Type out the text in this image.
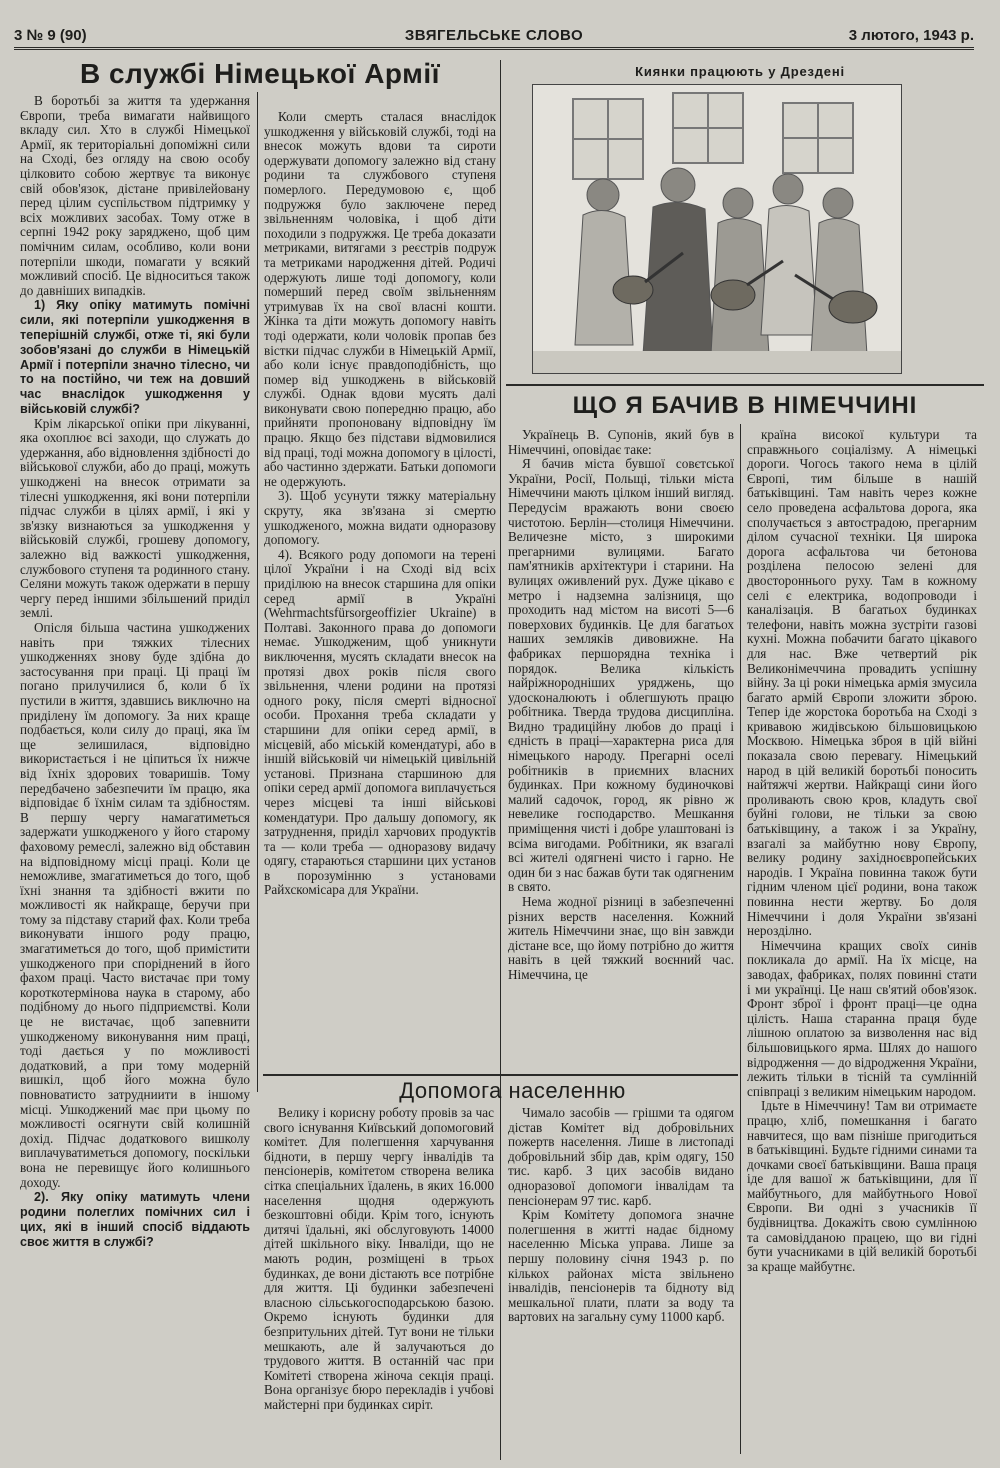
3 № 9 (90)	ЗВЯГЕЛЬСЬКЕ СЛОВО	3 лютого, 1943 р.
В службі Німецької Армії

В боротьбі за життя та удержання Європи, треба вимагати найвищого вкладу сил. Хто в службі Німецької Армії, як територіальні допоміжні сили на Сході, без огляду на свою особу цілковито собою жертвує та виконує свій обов'язок, дістане привілейовану перед цілим суспільством підтримку у всіх можливих засобах. Тому отже в серпні 1942 року заряджено, щоб цим помічним силам, особливо, коли вони потерпіли шкоди, помагати у всякий можливий спосіб. Це відноситься також до давніших випадків.

1) Яку опіку матимуть помічні сили, які потерпіли ушкодження в теперішній службі, отже ті, які були зобов'язані до служби в Німецькій Армії і потерпіли значно тілесно, чи то на постійно, чи теж на довший час внаслідок ушкодження у військовій службі?

Крім лікарської опіки при лікуванні, яка охоплює всі заходи, що служать до удержання, або відновлення здібності до військової служби, або до праці, можуть ушкоджені на внесок отримати за тілесні ушкодження, які вони потерпіли підчас служби в цілях армії, і які у зв'язку визнаються за ушкодження у військовій службі, грошеву допомогу, залежно від важкості ушкодження, службового ступеня та родинного стану. Селяни можуть також одержати в першу чергу перед іншими збільшений приділ землі.

Опісля більша частина ушкоджених навіть при тяжких тілесних ушкодженнях знову буде здібна до застосування при праці. Ці праці їм погано прилучилися б, коли б їх пустили в життя, здавшись виключно на приділену їм допомогу. За них краще подбається, коли силу до праці, яка їм ще зелишилася, відповідно використається і не ціпиться їх нижче від їхніх здорових товаришів. Тому передбачено забезпечити їм працю, яка відповідає б їхнім силам та здібностям. В першу чергу намагатиметься задержати ушкодженого у його старому фаховому ремеслі, залежно від обставин на відповідному місці праці. Коли це неможливе, змагатиметься до того, щоб їхні знання та здібності вжити по можливості як найкраще, беручи при тому за підставу старий фах. Коли треба виконувати іншого роду працю, змагатиметься до того, щоб примістити ушкодженого при споріднений в його фахом праці. Часто вистачає при тому короткотермінова наука в старому, або подібному до нього підприємстві. Коли це не вистачає, щоб запевнити ушкодженому виконування ним праці, тоді дається у по можливості додатковий, а при тому модерній вишкіл, щоб його можна було повноватисто затрудниити в іншому місці. Ушкоджений має при цьому по можливості осягнути свій колишній дохід. Підчас додаткового вишколу виплачуватиметься допомогу, поскільки вона не перевищує його колишнього доходу.

2). Яку опіку матимуть члени родини полеглих помічних сил і цих, які в інший спосіб віддають своє життя в службі?

Коли смерть сталася внаслідок ушкодження у військовій службі, тоді на внесок можуть вдови та сироти одержувати допомогу залежно від стану родини та службового ступеня померлого. Передумовою є, щоб подружжя було заключене перед звільненням чоловіка, і щоб діти походили з подружжя. Це треба доказати метриками, витягами з реєстрів подруж та метриками народження дітей. Родичі одержують лише тоді допомогу, коли померший перед своїм звільненням утримував їх на свої власні кошти. Жінка та діти можуть допомогу навіть тоді одержати, коли чоловік пропав без вістки підчас служби в Німецькій Армії, або коли існує правдоподібність, що помер від ушкоджень в військовій службі. Однак вдови мусять далі виконувати свою попередню працю, або прийняти пропоновану відповідну їм працю. Якщо без підстави відмовилися від праці, тоді можна допомогу в цілості, або частинно здержати. Батьки допомоги не одержують.

3). Щоб усунути тяжку матеріальну скруту, яка зв'язана зі смертю ушкодженого, можна видати одноразову допомогу.

4). Всякого роду допомоги на терені цілої України і на Сході від всіх приділюю на внесок старшина для опіки серед армії в Україні (Wehrmachtsfürsorgeoffizier Ukraine) в Полтаві. Законного права до допомоги немає. Ушкодженим, щоб уникнути виключення, мусять складати внесок на протязі двох років після свого звільнення, члени родини на протязі одного року, після смерті відносної особи. Прохання треба складати у старшини для опіки серед армії, в місцевій, або міській комендатурі, або в іншій військовій чи німецькій цивільній установі. Признана старшиною для опіки серед армії допомога виплачується через місцеві та інші військові комендатури. Про дальшу допомогу, як затруднення, приділ харчових продуктів та — коли треба — одноразову видачу одягу, стараються старшини цих установ в порозумінню з установами Райхскомісара для України.

Киянки працюють у Дрездені
ЩО Я БАЧИВ В НІМЕЧЧИНІ

Українець В. Супонів, який був в Німеччині, оповідає таке:

Я бачив міста бувшої совєтської України, Росії, Польщі, тільки міста Німеччини мають цілком інший вигляд. Передусім вражають вони своєю чистотою. Берлін—столиця Німеччини. Величезне місто, з широкими прегарними вулицями. Багато пам'ятників архітектури і старини. На вулицях оживлений рух. Дуже цікаво є метро і надземна залізниця, що проходить над містом на висоті 5—6 поверхових будинків. Це для багатьох наших земляків дивовижне. На фабриках першорядна техніка і порядок. Велика кількість найріжнородніших уряджень, що удосконалюють і облегшують працю робітника. Тверда трудова дисципліна. Видно традиційну любов до праці і єдність в праці—характерна риса для німецького народу. Прегарні оселі робітників в приємних власних будинках. При кожному будиночкові малий садочок, город, як рівно ж невелике господарство. Мешкання приміщення чисті і добре улаштовані із всіма вигодами. Робітники, як взагалі всі жителі одягнені чисто і гарно. Не один би з нас бажав бути так одягненим в свято.

Нема жодної різниці в забезпеченні різних верств населення. Кожний житель Німеччини знає, що він завжди дістане все, що йому потрібно до життя навіть в цей тяжкий воєнний час. Німеччина, це

країна високої культури та справжнього соціалізму. А німецькі дороги. Чогось такого нема в цілій Європі, тим більше в нашій батьківщині. Там навіть через кожне село проведена асфальтова дорога, яка сполучається з автострадою, прегарним ділом сучасної техніки. Ця широка дорога асфальтова чи бетонова розділена пелосою зелені для двостороннього руху. Там в кожному селі є електрика, водопроводи і каналізація. В багатьох будинках телефони, навіть можна зустріти газові кухні. Можна побачити багато цікавого для нас. Вже четвертий рік Великонімеччина провадить успішну війну. За ці роки німецька армія змусила багато армій Європи зложити зброю. Тепер іде жорстока боротьба на Сході з кривавою жидівською більшовицькою Москвою. Німецька зброя в цій війні показала свою перевагу. Німецький народ в цій великій боротьбі поносить найтяжчі жертви. Найкращі сини його проливають свою кров, кладуть свої буйні голови, не тільки за свою батьківщину, а також і за Україну, взагалі за майбутню нову Європу, велику родину західноєвропейських народів. І Україна повинна також бути гідним членом цієї родини, вона також повинна нести жертву. Бо доля Німеччини і доля України зв'язані нерозділно.

Німеччина кращих своїх синів покликала до армії. На їх місце, на заводах, фабриках, полях повинні стати і ми українці. Це наш св'ятий обов'язок. Фронт зброї і фронт праці—це одна цілість. Наша старанна праця буде лішною оплатою за визволення нас від більшовицького ярма. Шлях до нашого відродження — до відродження України, лежить тільки в тісній та сумлінній співпраці з великим німецьким народом.

Ідьте в Німеччину! Там ви отримаєте працю, хліб, помешкання і багато навчитеся, що вам пізніше пригодиться в батьківщині. Будьте гідними синами та дочками своєї батьківщини. Ваша праця іде для вашої ж батьківщини, для її майбутнього, для майбутнього Нової Європи. Ви одні з учасників її будівництва. Докажіть свою сумлінною та самовідданою працею, що ви гідні бути учасниками в цій великій боротьбі за краще майбутнє.

Допомога населенню

Велику і корисну роботу провів за час свого існування Київський допомоговий комітет. Для полегшення харчування бідноти, в першу чергу інвалідів та пенсіонерів, комітетом створена велика сітка спеціальних їдалень, в яких 16.000 населення щодня одержують безкоштовні обіди. Крім того, існують дитячі їдальні, які обслуговують 14000 дітей шкільного віку. Інваліди, що не мають родин, розміщені в трьох будинках, де вони дістають все потрібне для життя. Ці будинки забезпечені власною сільськогосподарською базою. Окремо існують будинки для безпритульних дітей. Тут вони не тільки мешкають, але й залучаються до трудового життя. В останній час при Комітеті створена жіноча секція праці. Вона організує бюро перекладів і учбові майстерні при будинках сиріт.

Чимало засобів — грішми та одягом дістав Комітет від добровільних пожертв населення. Лише в листопаді добровільний збір дав, крім одягу, 150 тис. карб. З цих засобів видано одноразової допомоги інвалідам та пенсіонерам 97 тис. карб.

Крім Комітету допомога значне полегшення в житті надає бідному населенню Міська управа. Лише за першу половину січня 1943 р. по кількох районах міста звільнено інвалідів, пенсіонерів та бідноту від мешкальної плати, плати за воду та вартових на загальну суму 11000 карб.
